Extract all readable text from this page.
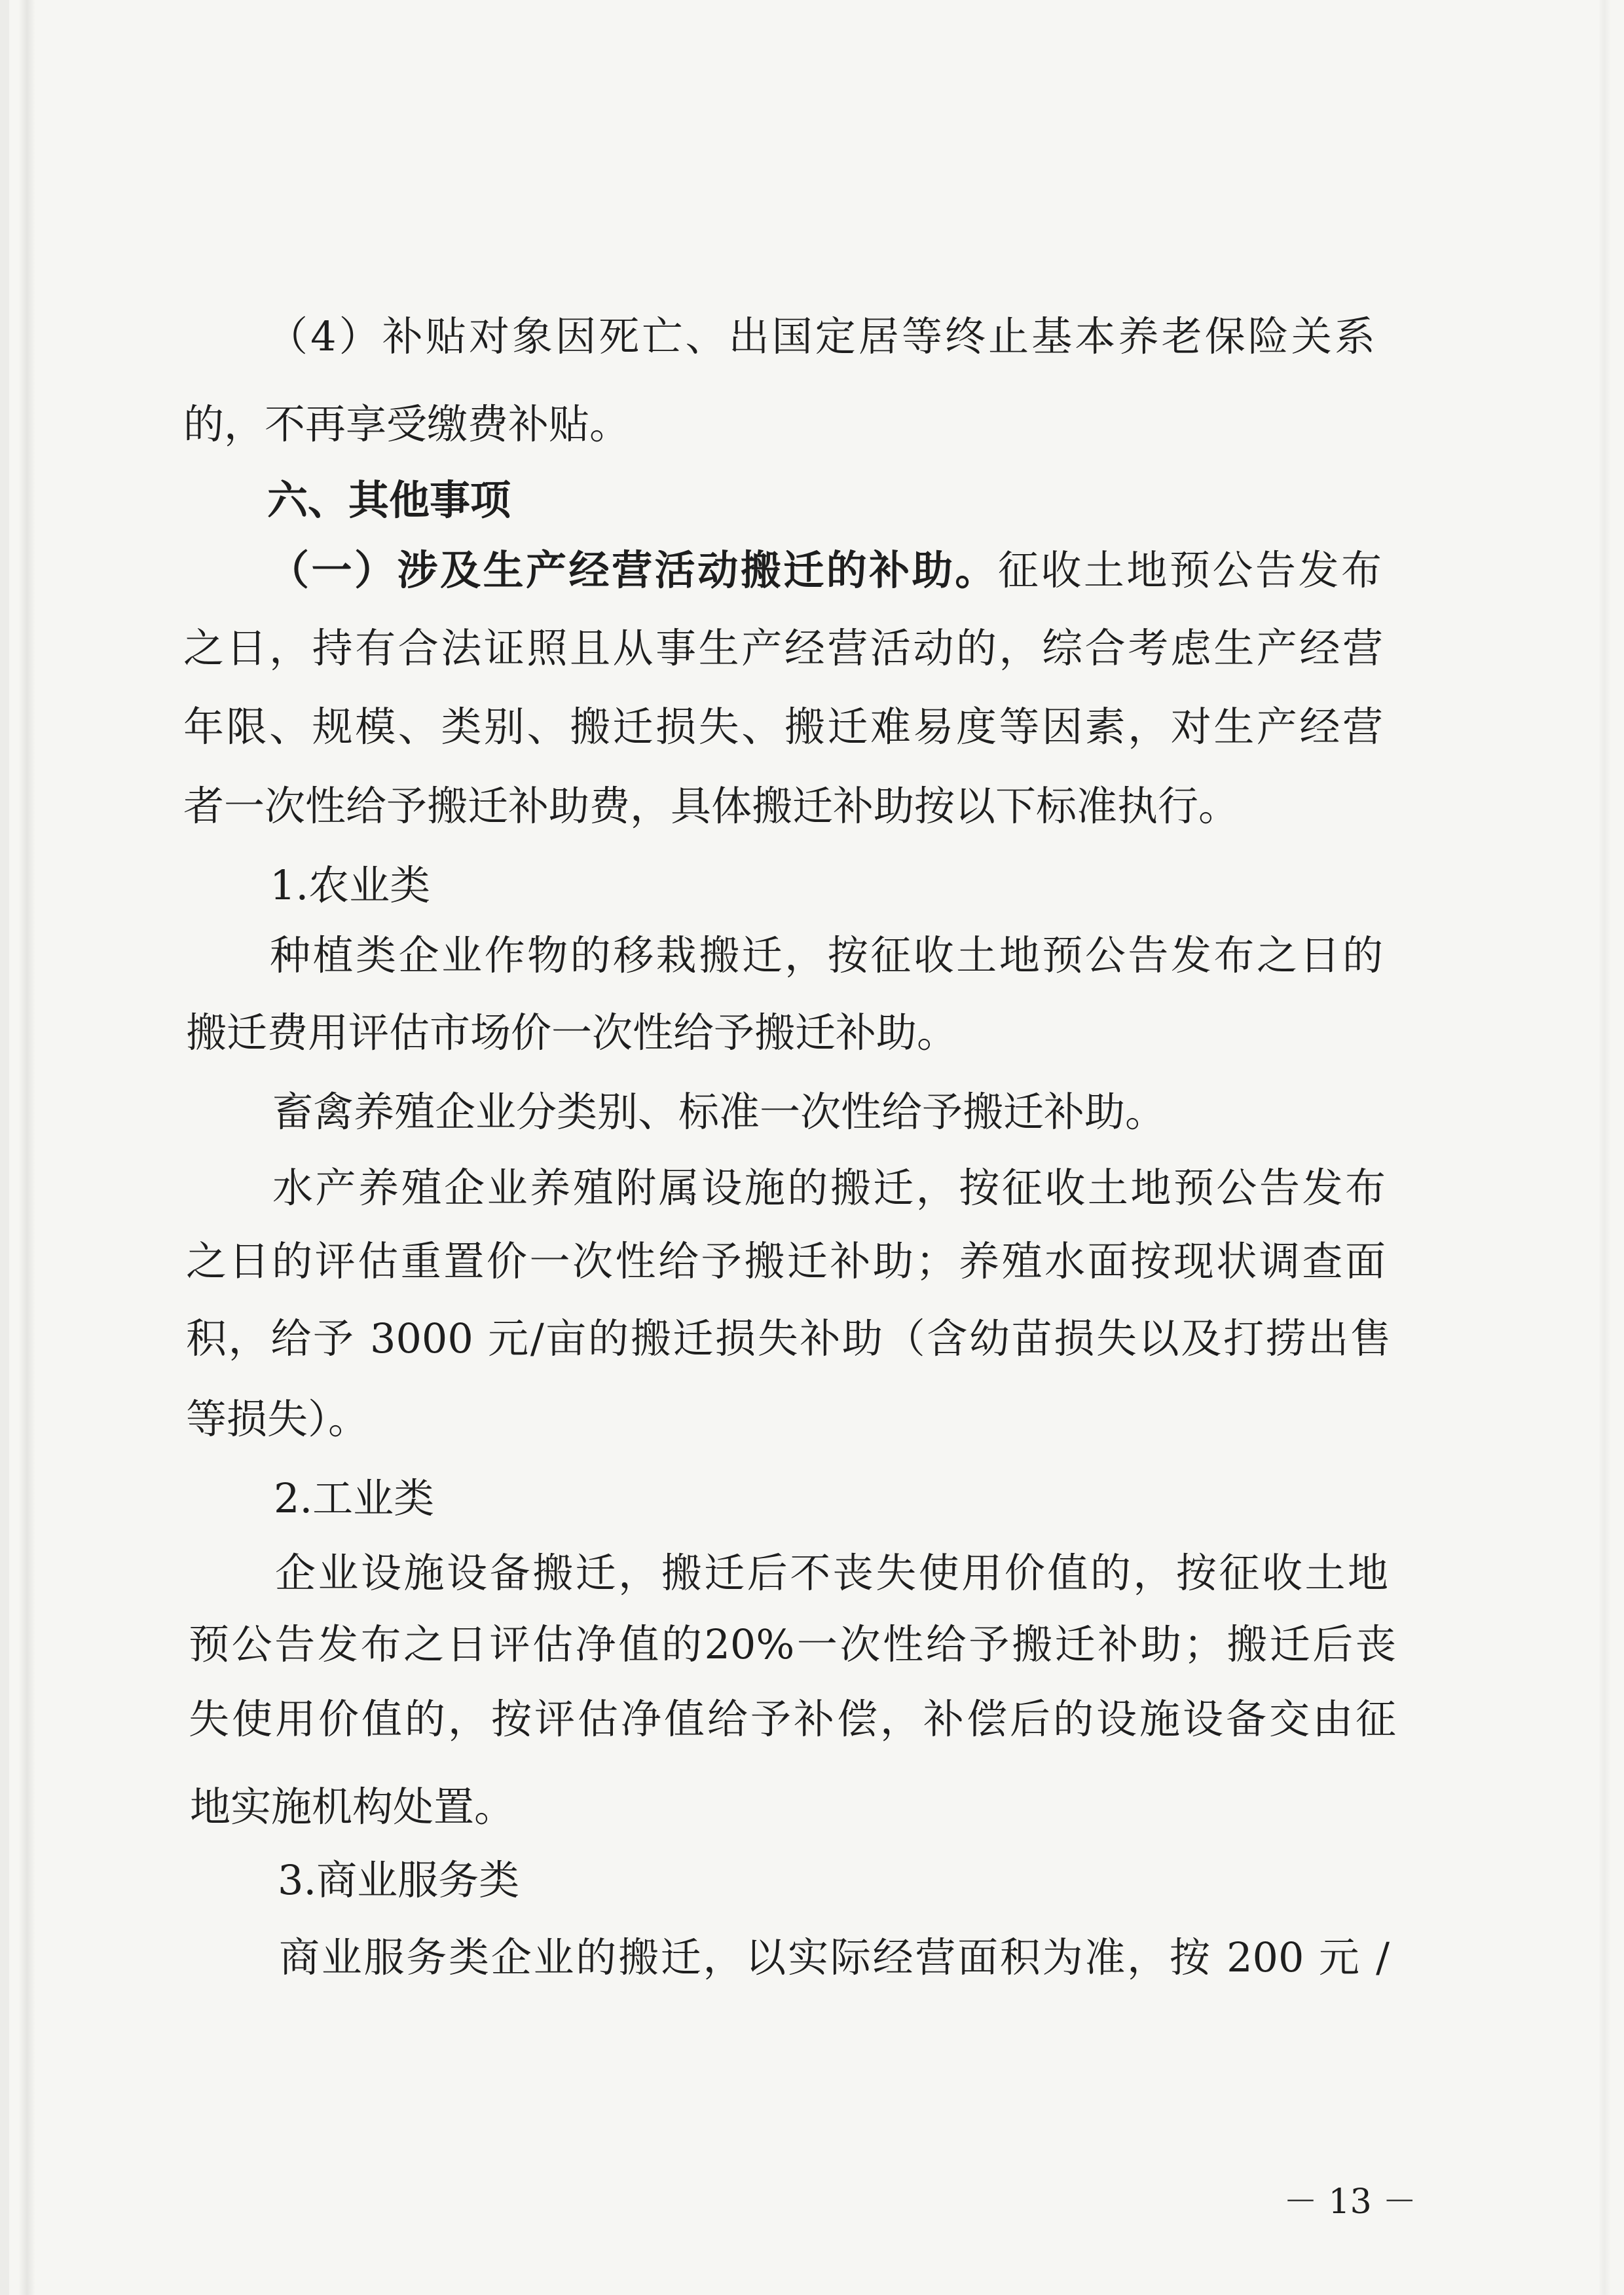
（4）补贴对象因死亡、出国定居等终止基本养老保险关系
的，不再享受缴费补贴。
六、其他事项
（一）涉及生产经营活动搬迁的补助。征收土地预公告发布
之日，持有合法证照且从事生产经营活动的，综合考虑生产经营
年限、规模、类别、搬迁损失、搬迁难易度等因素，对生产经营
者一次性给予搬迁补助费，具体搬迁补助按以下标准执行。
1.农业类
种植类企业作物的移栽搬迁，按征收土地预公告发布之日的
搬迁费用评估市场价一次性给予搬迁补助。
畜禽养殖企业分类别、标准一次性给予搬迁补助。
水产养殖企业养殖附属设施的搬迁，按征收土地预公告发布
之日的评估重置价一次性给予搬迁补助；养殖水面按现状调查面
积，给予 3000 元/亩的搬迁损失补助（含幼苗损失以及打捞出售
等损失）。
2.工业类
企业设施设备搬迁，搬迁后不丧失使用价值的，按征收土地
预公告发布之日评估净值的20%一次性给予搬迁补助；搬迁后丧
失使用价值的，按评估净值给予补偿，补偿后的设施设备交由征
地实施机构处置。
3.商业服务类
商业服务类企业的搬迁，以实际经营面积为准，按 200 元 /
－ 13 －
